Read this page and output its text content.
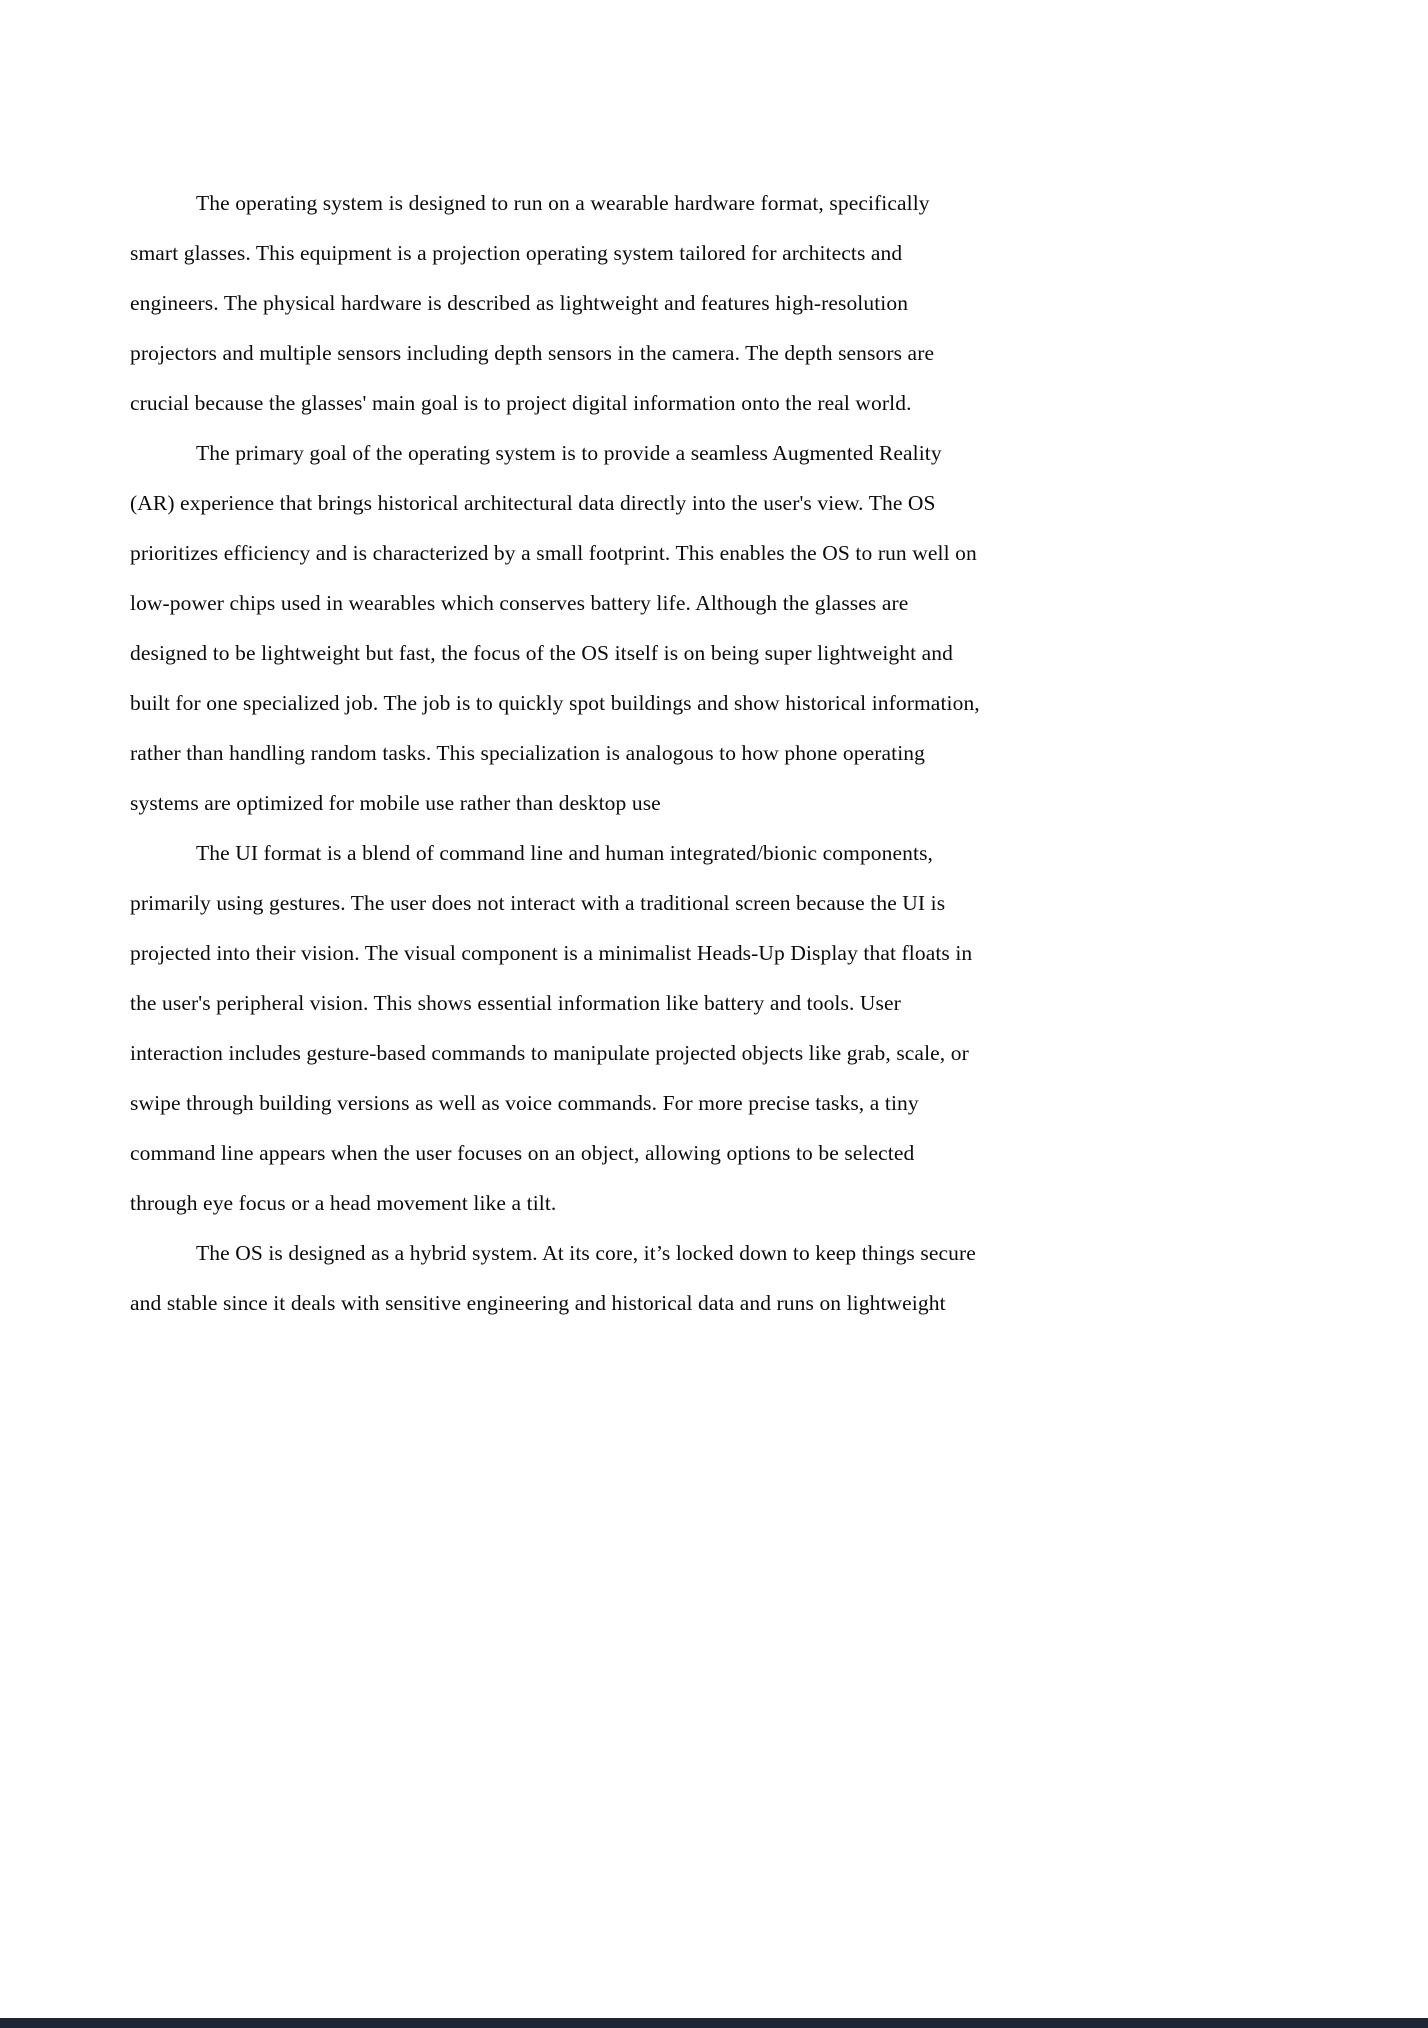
The operating system is designed to run on a wearable hardware format, specifically smart glasses. This equipment is a projection operating system tailored for architects and engineers. The physical hardware is described as lightweight and features high-resolution projectors and multiple sensors including depth sensors in the camera. The depth sensors are crucial because the glasses' main goal is to project digital information onto the real world.

The primary goal of the operating system is to provide a seamless Augmented Reality (AR) experience that brings historical architectural data directly into the user's view. The OS prioritizes efficiency and is characterized by a small footprint. This enables the OS to run well on low-power chips used in wearables which conserves battery life. Although the glasses are designed to be lightweight but fast, the focus of the OS itself is on being super lightweight and built for one specialized job. The job is to quickly spot buildings and show historical information, rather than handling random tasks. This specialization is analogous to how phone operating systems are optimized for mobile use rather than desktop use

The UI format is a blend of command line and human integrated/bionic components, primarily using gestures. The user does not interact with a traditional screen because the UI is projected into their vision. The visual component is a minimalist Heads-Up Display that floats in the user's peripheral vision. This shows essential information like battery and tools. User interaction includes gesture-based commands to manipulate projected objects like grab, scale, or swipe through building versions as well as voice commands. For more precise tasks, a tiny command line appears when the user focuses on an object, allowing options to be selected through eye focus or a head movement like a tilt.

The OS is designed as a hybrid system. At its core, it’s locked down to keep things secure and stable since it deals with sensitive engineering and historical data and runs on lightweight
